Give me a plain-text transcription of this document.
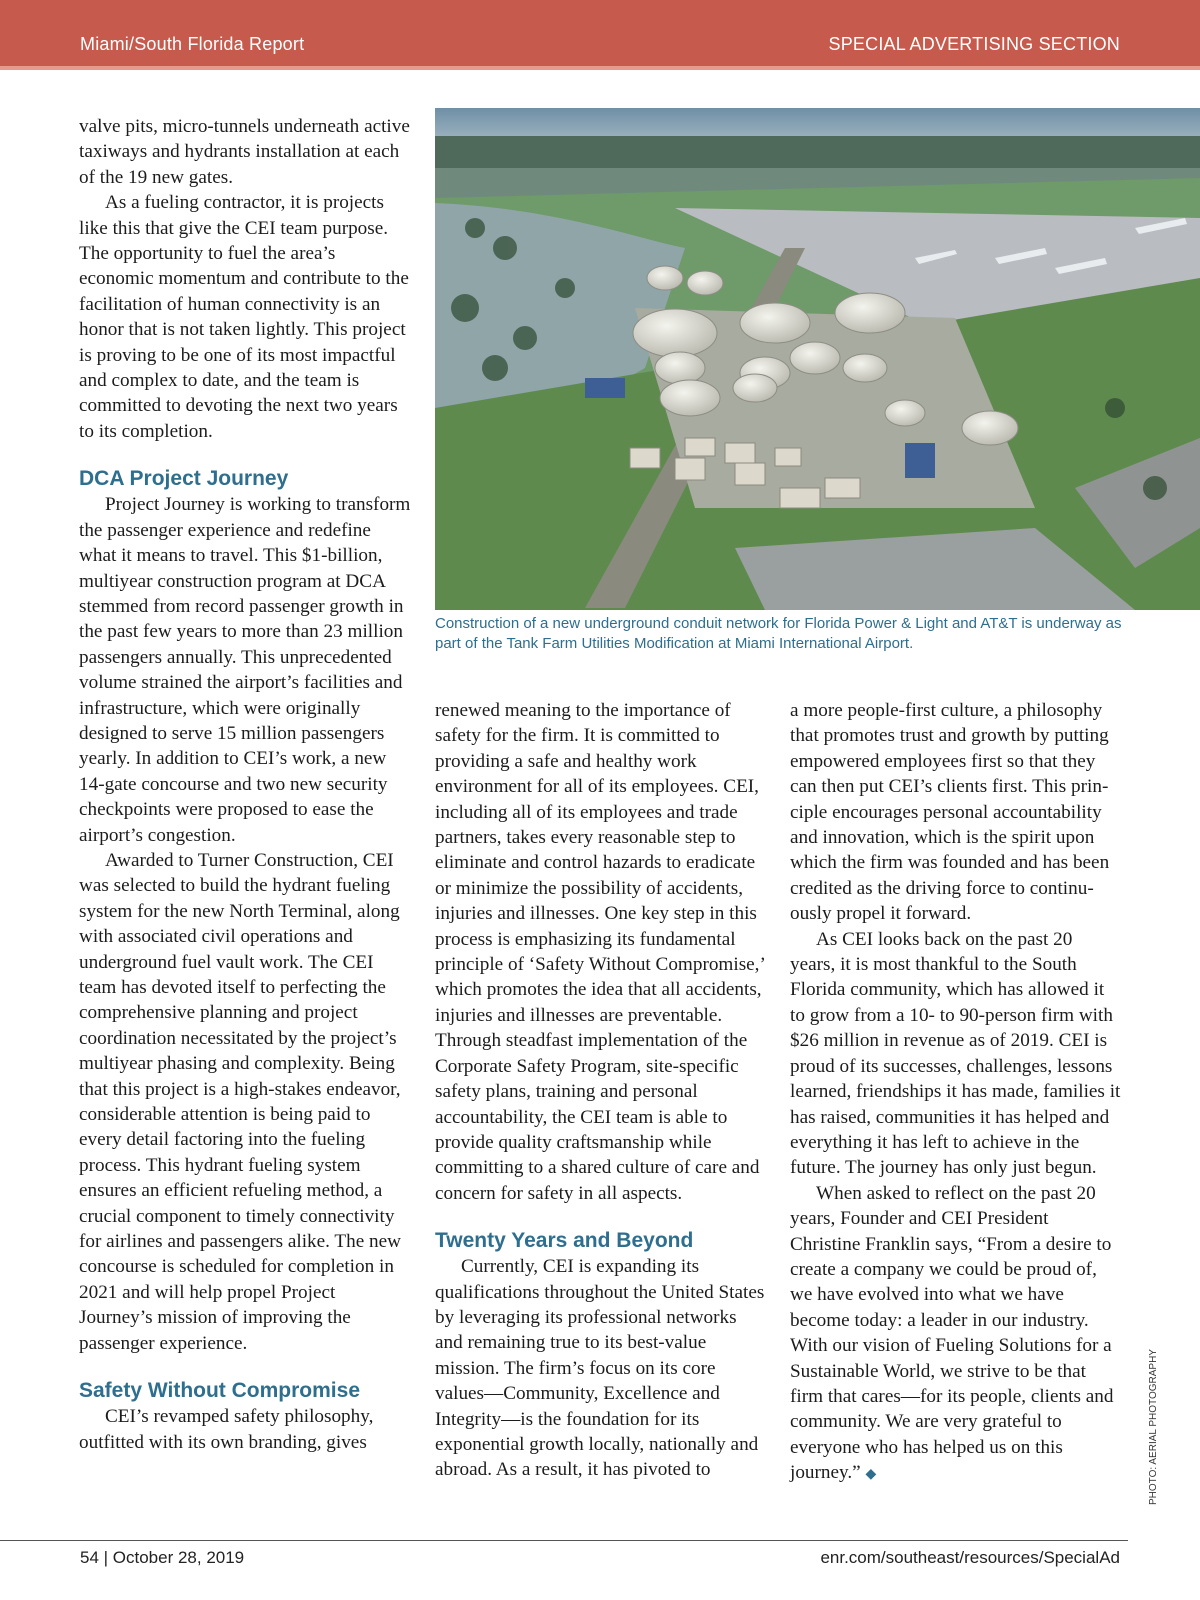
Miami/South Florida Report	SPECIAL ADVERTISING SECTION

valve pits, micro-tunnels underneath active taxiways and hydrants installation at each of the 19 new gates.

As a fueling contractor, it is projects like this that give the CEI team purpose. The opportunity to fuel the area’s economic momentum and contribute to the facilitation of human connectivity is an honor that is not taken lightly. This project is proving to be one of its most impactful and complex to date, and the team is committed to devoting the next two years to its completion.

DCA Project Journey

Project Journey is working to transform the passenger experience and redefine what it means to travel. This $1-billion, multiyear construction program at DCA stemmed from record passenger growth in the past few years to more than 23 million passengers annually. This unprecedented volume strained the airport’s facilities and infrastructure, which were originally designed to serve 15 million passengers yearly. In addition to CEI’s work, a new 14-gate concourse and two new security checkpoints were proposed to ease the airport’s congestion.

Awarded to Turner Construction, CEI was selected to build the hydrant fueling system for the new North Terminal, along with associated civil operations and underground fuel vault work. The CEI team has devoted itself to perfecting the comprehensive planning and project coordination necessitated by the project’s multiyear phasing and complexity. Being that this project is a high-stakes endeavor, considerable attention is being paid to every detail factoring into the fueling process. This hydrant fueling system ensures an efficient refueling method, a crucial component to timely connectivity for airlines and passengers alike. The new concourse is scheduled for completion in 2021 and will help propel Project Journey’s mission of improving the passenger experience.

Safety Without Compromise

CEI’s revamped safety philosophy, outfitted with its own branding, gives

Construction of a new underground conduit network for Florida Power & Light and AT&T is underway as part of the Tank Farm Utilities Modification at Miami International Airport.

renewed meaning to the importance of safety for the firm. It is committed to providing a safe and healthy work environment for all of its employees. CEI, including all of its employees and trade partners, takes every reasonable step to eliminate and control hazards to eradicate or minimize the possibility of accidents, injuries and illnesses. One key step in this process is emphasizing its fundamental principle of ‘Safety Without Compromise,’ which promotes the idea that all accidents, injuries and illnesses are preventable. Through steadfast implementation of the Corporate Safety Program, site-specific safety plans, training and personal accountability, the CEI team is able to provide quality craftsmanship while committing to a shared culture of care and concern for safety in all aspects.

Twenty Years and Beyond

Currently, CEI is expanding its qualifications throughout the United States by leveraging its professional networks and remaining true to its best-value mission. The firm’s focus on its core values—Community, Excellence and Integrity—is the foundation for its exponential growth locally, nationally and abroad. As a result, it has pivoted to

a more people-first culture, a philosophy that promotes trust and growth by putting empowered employees first so that they can then put CEI’s clients first. This principle encourages personal accountability and innovation, which is the spirit upon which the firm was founded and has been credited as the driving force to continuously propel it forward.

As CEI looks back on the past 20 years, it is most thankful to the South Florida community, which has allowed it to grow from a 10- to 90-person firm with $26 million in revenue as of 2019. CEI is proud of its successes, challenges, lessons learned, friendships it has made, families it has raised, communities it has helped and everything it has left to achieve in the future. The journey has only just begun.

When asked to reflect on the past 20 years, Founder and CEI President Christine Franklin says, “From a desire to create a company we could be proud of, we have evolved into what we have become today: a leader in our industry. With our vision of Fueling Solutions for a Sustainable World, we strive to be that firm that cares—for its people, clients and community. We are very grateful to everyone who has helped us on this journey.” ◆	PHOTO: AERIAL PHOTOGRAPHY
54 | October 28, 2019	enr.com/southeast/resources/SpecialAd
